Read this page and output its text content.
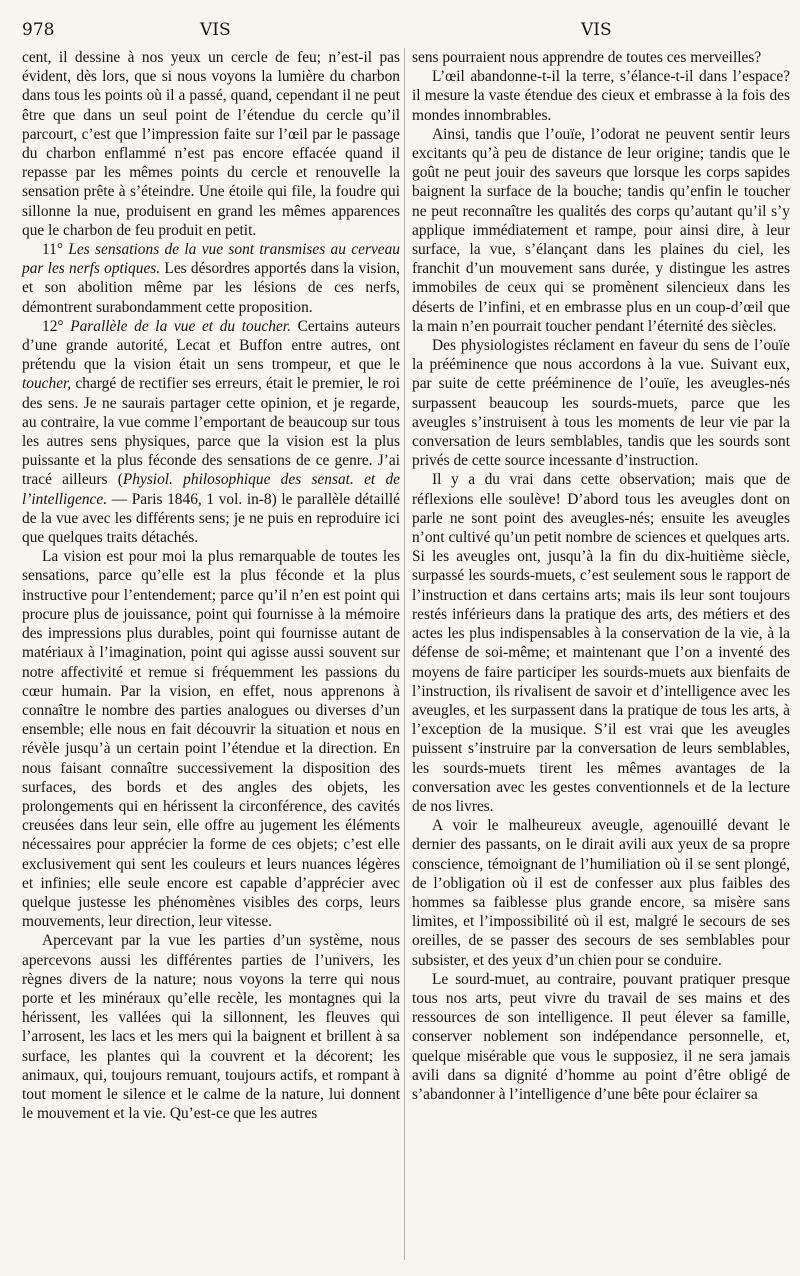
978	VIS	VIS

cent, il dessine à nos yeux un cercle de feu; n’est-il pas évident, dès lors, que si nous voyons la lumière du charbon dans tous les points où il a passé, quand, cependant il ne peut être que dans un seul point de l’étendue du cercle qu’il parcourt, c’est que l’impression faite sur l’œil par le passage du charbon enflammé n’est pas encore effacée quand il repasse par les mêmes points du cercle et renouvelle la sensation prête à s’éteindre. Une étoile qui file, la foudre qui sillonne la nue, produisent en grand les mêmes apparences que le charbon de feu produit en petit.

11° Les sensations de la vue sont transmises au cerveau par les nerfs optiques. Les désordres apportés dans la vision, et son abolition même par les lésions de ces nerfs, démontrent surabondamment cette proposition.

12° Parallèle de la vue et du toucher. Certains auteurs d’une grande autorité, Lecat et Buffon entre autres, ont prétendu que la vision était un sens trompeur, et que le toucher, chargé de rectifier ses erreurs, était le premier, le roi des sens. Je ne saurais partager cette opinion, et je regarde, au contraire, la vue comme l’emportant de beaucoup sur tous les autres sens physiques, parce que la vision est la plus puissante et la plus féconde des sensations de ce genre. J’ai tracé ailleurs (Physiol. philosophique des sensat. et de l’intelligence. — Paris 1846, 1 vol. in-8) le parallèle détaillé de la vue avec les différents sens; je ne puis en reproduire ici que quelques traits détachés.

La vision est pour moi la plus remarquable de toutes les sensations, parce qu’elle est la plus féconde et la plus instructive pour l’entendement; parce qu’il n’en est point qui procure plus de jouissance, point qui fournisse à la mémoire des impressions plus durables, point qui fournisse autant de matériaux à l’imagination, point qui agisse aussi souvent sur notre affectivité et remue si fréquemment les passions du cœur humain. Par la vision, en effet, nous apprenons à connaître le nombre des parties analogues ou diverses d’un ensemble; elle nous en fait découvrir la situation et nous en révèle jusqu’à un certain point l’étendue et la direction. En nous faisant connaître successivement la disposition des surfaces, des bords et des angles des objets, les prolongements qui en hérissent la circonférence, des cavités creusées dans leur sein, elle offre au jugement les éléments nécessaires pour apprécier la forme de ces objets; c’est elle exclusivement qui sent les couleurs et leurs nuances légères et infinies; elle seule encore est capable d’apprécier avec quelque justesse les phénomènes visibles des corps, leurs mouvements, leur direction, leur vitesse.

Apercevant par la vue les parties d’un système, nous apercevons aussi les différentes parties de l’univers, les règnes divers de la nature; nous voyons la terre qui nous porte et les minéraux qu’elle recèle, les montagnes qui la hérissent, les vallées qui la sillonnent, les fleuves qui l’arrosent, les lacs et les mers qui la baignent et brillent à sa surface, les plantes qui la couvrent et la décorent; les animaux, qui, toujours remuant, toujours actifs, et rompant à tout moment le silence et le calme de la nature, lui donnent le mouvement et la vie. Qu’est-ce que les autres

sens pourraient nous apprendre de toutes ces merveilles?

L’œil abandonne-t-il la terre, s’élance-t-il dans l’espace? il mesure la vaste étendue des cieux et embrasse à la fois des mondes innombrables.

Ainsi, tandis que l’ouïe, l’odorat ne peuvent sentir leurs excitants qu’à peu de distance de leur origine; tandis que le goût ne peut jouir des saveurs que lorsque les corps sapides baignent la surface de la bouche; tandis qu’enfin le toucher ne peut reconnaître les qualités des corps qu’autant qu’il s’y applique immédiatement et rampe, pour ainsi dire, à leur surface, la vue, s’élançant dans les plaines du ciel, les franchit d’un mouvement sans durée, y distingue les astres immobiles de ceux qui se promènent silencieux dans les déserts de l’infini, et en embrasse plus en un coup-d’œil que la main n’en pourrait toucher pendant l’éternité des siècles.

Des physiologistes réclament en faveur du sens de l’ouïe la prééminence que nous accordons à la vue. Suivant eux, par suite de cette prééminence de l’ouïe, les aveugles-nés surpassent beaucoup les sourds-muets, parce que les aveugles s’instruisent à tous les moments de leur vie par la conversation de leurs semblables, tandis que les sourds sont privés de cette source incessante d’instruction.

Il y a du vrai dans cette observation; mais que de réflexions elle soulève! D’abord tous les aveugles dont on parle ne sont point des aveugles-nés; ensuite les aveugles n’ont cultivé qu’un petit nombre de sciences et quelques arts. Si les aveugles ont, jusqu’à la fin du dix-huitième siècle, surpassé les sourds-muets, c’est seulement sous le rapport de l’instruction et dans certains arts; mais ils leur sont toujours restés inférieurs dans la pratique des arts, des métiers et des actes les plus indispensables à la conservation de la vie, à la défense de soi-même; et maintenant que l’on a inventé des moyens de faire participer les sourds-muets aux bienfaits de l’instruction, ils rivalisent de savoir et d’intelligence avec les aveugles, et les surpassent dans la pratique de tous les arts, à l’exception de la musique. S’il est vrai que les aveugles puissent s’instruire par la conversation de leurs semblables, les sourds-muets tirent les mêmes avantages de la conversation avec les gestes conventionnels et de la lecture de nos livres.

A voir le malheureux aveugle, agenouillé devant le dernier des passants, on le dirait avili aux yeux de sa propre conscience, témoignant de l’humiliation où il se sent plongé, de l’obligation où il est de confesser aux plus faibles des hommes sa faiblesse plus grande encore, sa misère sans limites, et l’impossibilité où il est, malgré le secours de ses oreilles, de se passer des secours de ses semblables pour subsister, et des yeux d’un chien pour se conduire.

Le sourd-muet, au contraire, pouvant pratiquer presque tous nos arts, peut vivre du travail de ses mains et des ressources de son intelligence. Il peut élever sa famille, conserver noblement son indépendance personnelle, et, quelque misérable que vous le supposiez, il ne sera jamais avili dans sa dignité d’homme au point d’être obligé de s’abandonner à l’intelligence d’une bête pour éclairer sa
